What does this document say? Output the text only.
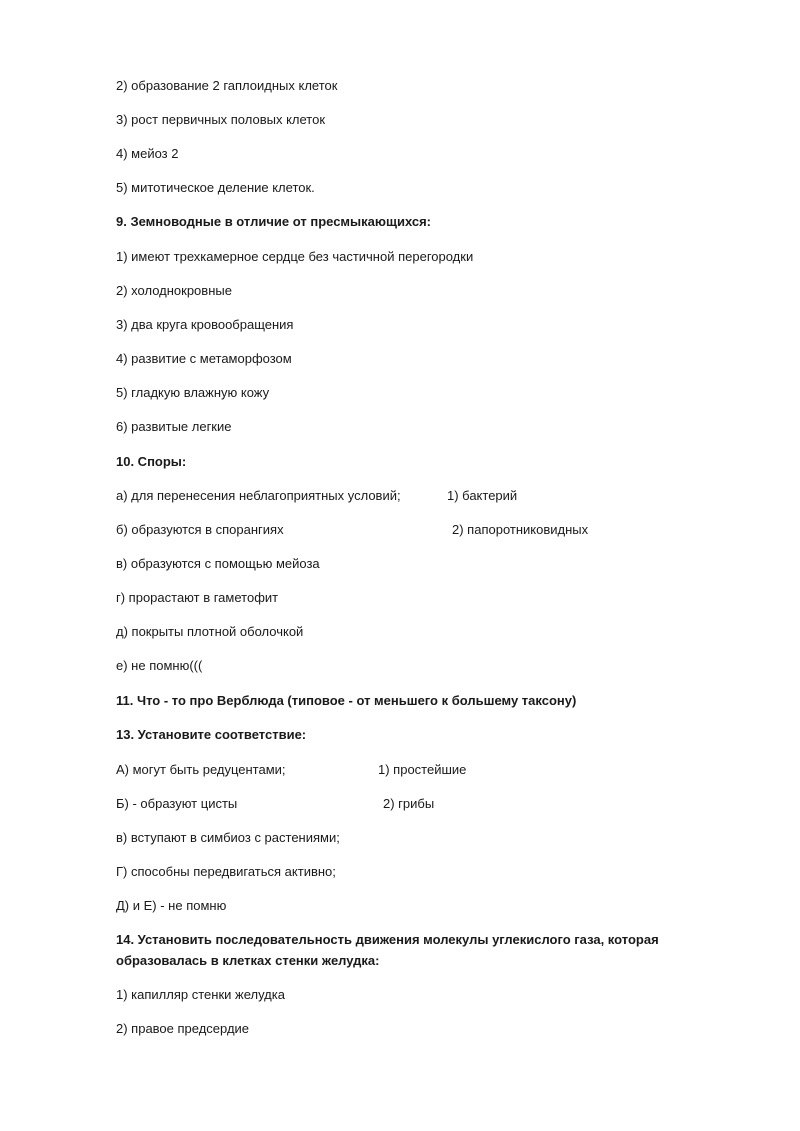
2) образование 2 гаплоидных клеток
3) рост первичных половых клеток
4) мейоз 2
5) митотическое деление клеток.
9. Земноводные в отличие от пресмыкающихся:
1) имеют трехкамерное сердце без частичной перегородки
2) холоднокровные
3) два круга кровообращения
4) развитие с метаморфозом
5) гладкую влажную кожу
6) развитые легкие
10. Споры:
а) для перенесения неблагоприятных условий;	1) бактерий
б) образуются в спорангиях	2) папоротниковидных
в) образуются с помощью мейоза
г) прорастают в гаметофит
д) покрыты плотной оболочкой
е) не помню(((
11. Что - то про Верблюда (типовое - от меньшего к большему таксону)
13. Установите соответствие:
А) могут быть редуцентами;	1) простейшие
Б) - образуют цисты	2) грибы
в) вступают в симбиоз с растениями;
Г) способны передвигаться активно;
Д) и Е) - не помню
14. Установить последовательность движения молекулы углекислого газа, которая
образовалась в клетках стенки желудка:
1) капилляр стенки желудка
2) правое предсердие
